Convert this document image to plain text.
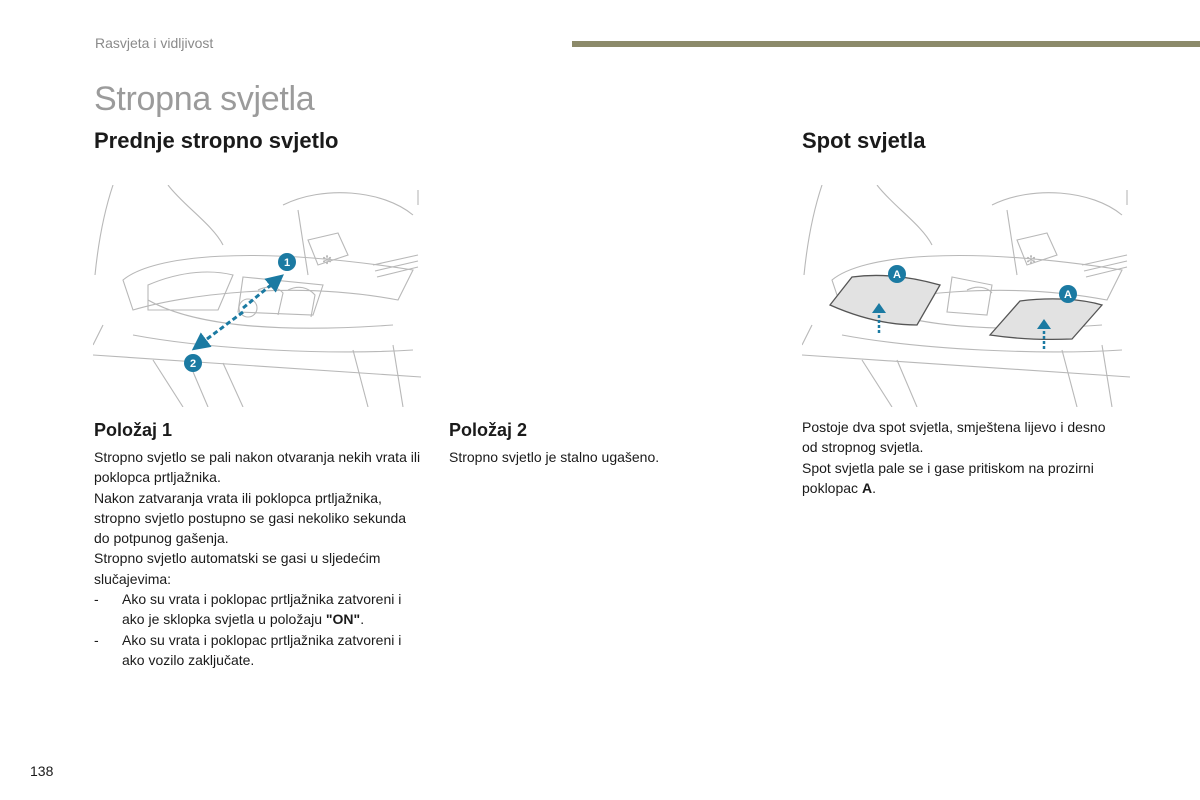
Rasvjeta i vidljivost
Stropna svjetla
Prednje stropno svjetlo	Spot svjetla
✻
1
2
✻
A
A
Položaj 1

Stropno svjetlo se pali nakon otvaranja nekih vrata ili poklopca prtljažnika.

Nakon zatvaranja vrata ili poklopca prtljažnika, stropno svjetlo postupno se gasi nekoliko sekunda do potpunog gašenja.

Stropno svjetlo automatski se gasi u sljedećim slučajevima:

- Ako su vrata i poklopac prtljažnika zatvoreni i ako je sklopka svjetla u položaju "ON".
- Ako su vrata i poklopac prtljažnika zatvoreni i ako vozilo zaključate.
Položaj 2

Stropno svjetlo je stalno ugašeno.

Postoje dva spot svjetla, smještena lijevo i desno od stropnog svjetla.

Spot svjetla pale se i gase pritiskom na prozirni poklopac A.

138
